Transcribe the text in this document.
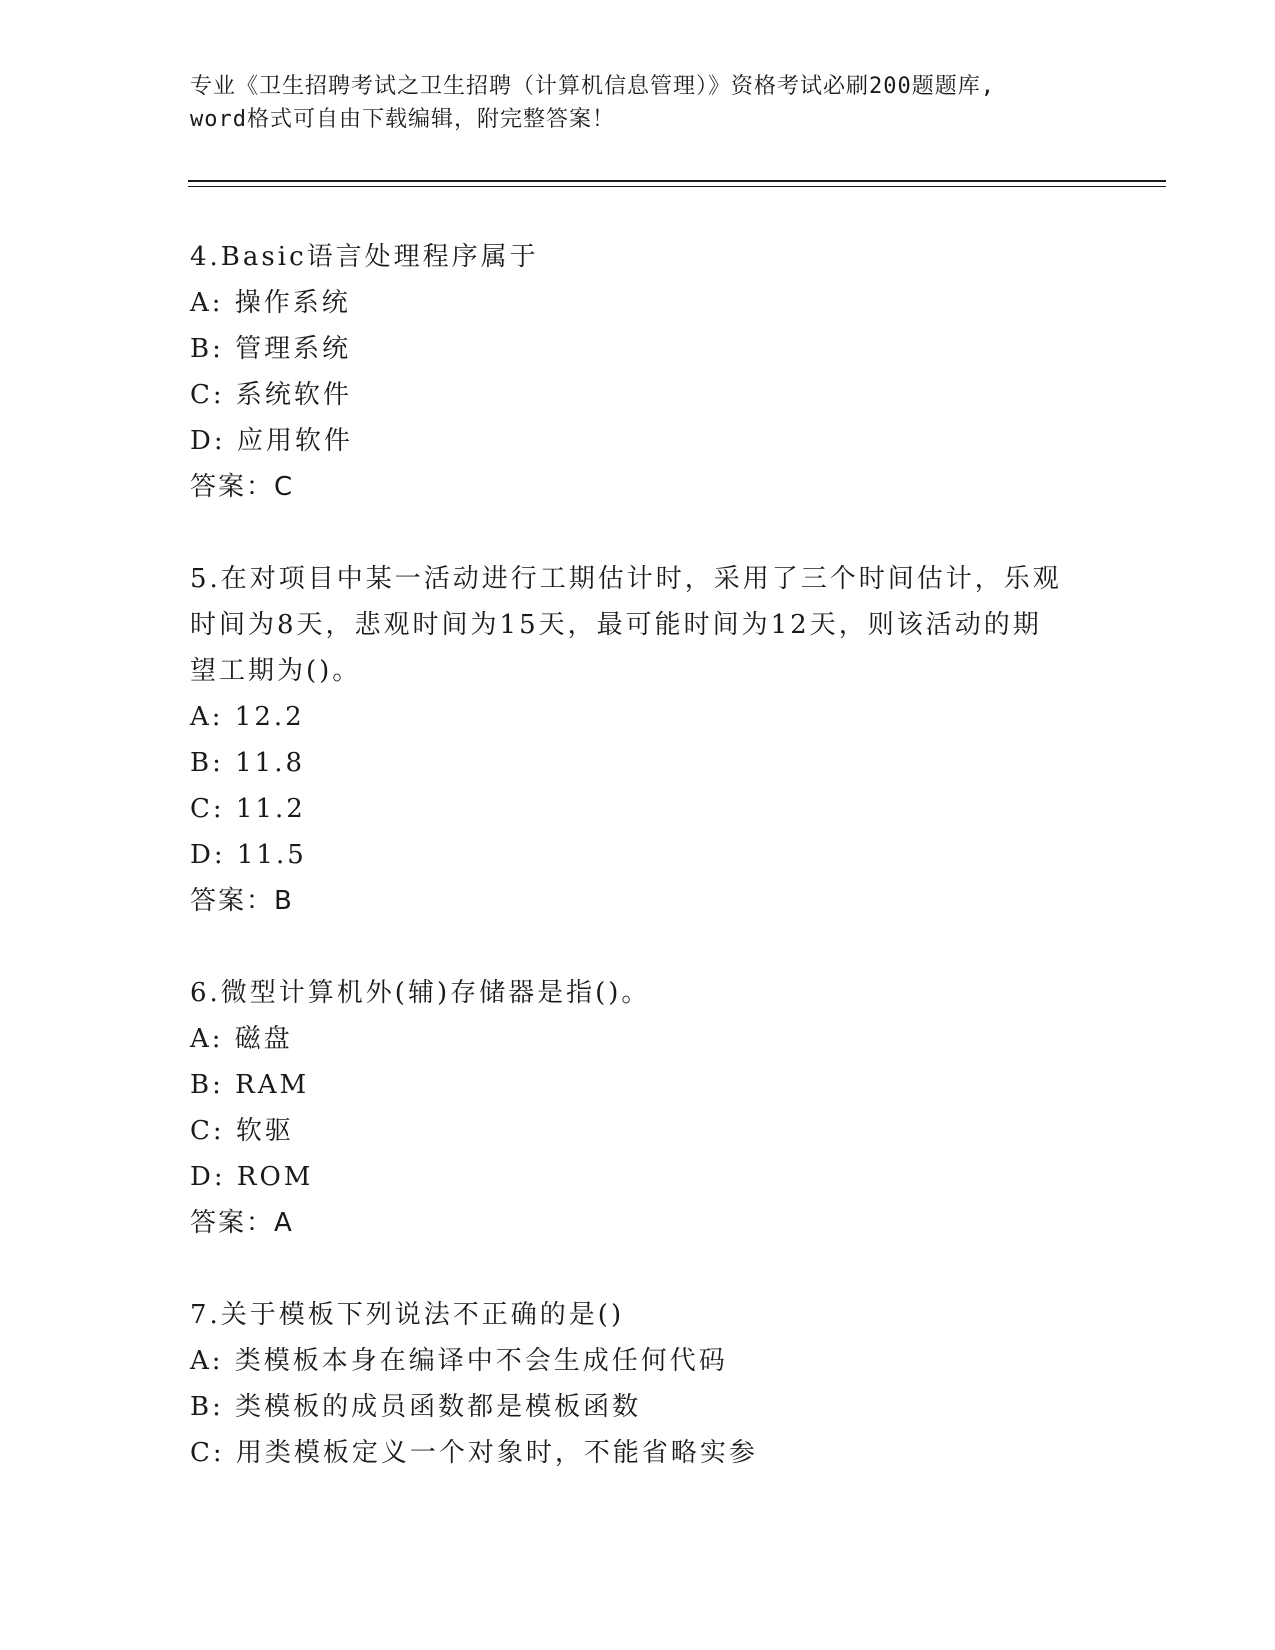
专业《卫生招聘考试之卫生招聘（计算机信息管理）》资格考试必刷200题题库,
word格式可自由下载编辑，附完整答案！
4.Basic语言处理程序属于
A: 操作系统
B: 管理系统
C: 系统软件
D: 应用软件
答案：C
5.在对项目中某一活动进行工期估计时，采用了三个时间估计，乐观
时间为8天，悲观时间为15天，最可能时间为12天，则该活动的期
望工期为()。
A: 12.2
B: 11.8
C: 11.2
D: 11.5
答案：B
6.微型计算机外(辅)存储器是指()。
A: 磁盘
B: RAM
C: 软驱
D: ROM
答案：A
7.关于模板下列说法不正确的是()
A: 类模板本身在编译中不会生成任何代码
B: 类模板的成员函数都是模板函数
C: 用类模板定义一个对象时，不能省略实参
